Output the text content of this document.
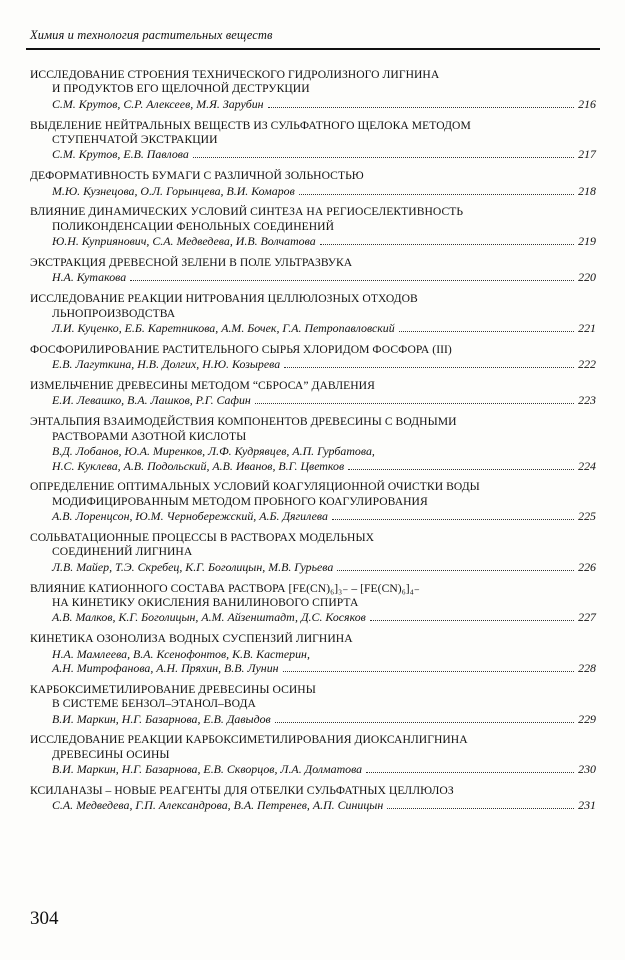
Химия и технология растительных веществ
ИССЛЕДОВАНИЕ СТРОЕНИЯ ТЕХНИЧЕСКОГО ГИДРОЛИЗНОГО ЛИГНИНА
И ПРОДУКТОВ ЕГО ЩЕЛОЧНОЙ ДЕСТРУКЦИИ
С.М. Крутов, С.Р. Алексеев, М.Я. Зарубин	216
ВЫДЕЛЕНИЕ НЕЙТРАЛЬНЫХ ВЕЩЕСТВ ИЗ СУЛЬФАТНОГО ЩЕЛОКА МЕТОДОМ
СТУПЕНЧАТОЙ ЭКСТРАКЦИИ
С.М. Крутов, Е.В. Павлова	217
ДЕФОРМАТИВНОСТЬ БУМАГИ С РАЗЛИЧНОЙ ЗОЛЬНОСТЬЮ
М.Ю. Кузнецова, О.Л. Горынцева, В.И. Комаров	218
ВЛИЯНИЕ ДИНАМИЧЕСКИХ УСЛОВИЙ СИНТЕЗА НА РЕГИОСЕЛЕКТИВНОСТЬ
ПОЛИКОНДЕНСАЦИИ ФЕНОЛЬНЫХ СОЕДИНЕНИЙ
Ю.Н. Куприянович, С.А. Медведева, И.В. Волчатова	219
ЭКСТРАКЦИЯ ДРЕВЕСНОЙ ЗЕЛЕНИ В ПОЛЕ УЛЬТРАЗВУКА
Н.А. Кутакова	220
ИССЛЕДОВАНИЕ РЕАКЦИИ НИТРОВАНИЯ ЦЕЛЛЮЛОЗНЫХ ОТХОДОВ
ЛЬНОПРОИЗВОДСТВА
Л.И. Куценко, Е.Б. Каретникова, А.М. Бочек, Г.А. Петропавловский	221
ФОСФОРИЛИРОВАНИЕ РАСТИТЕЛЬНОГО СЫРЬЯ ХЛОРИДОМ ФОСФОРА (III)
Е.В. Лагуткина, Н.В. Долгих, Н.Ю. Козырева	222
ИЗМЕЛЬЧЕНИЕ ДРЕВЕСИНЫ МЕТОДОМ “СБРОСА” ДАВЛЕНИЯ
Е.И. Левашко, В.А. Лашков, Р.Г. Сафин	223
ЭНТАЛЬПИЯ ВЗАИМОДЕЙСТВИЯ КОМПОНЕНТОВ ДРЕВЕСИНЫ С ВОДНЫМИ
РАСТВОРАМИ АЗОТНОЙ КИСЛОТЫ
В.Д. Лобанов, Ю.А. Миренков, Л.Ф. Кудрявцев, А.П. Гурбатова,
Н.С. Куклева, А.В. Подольский, А.В. Иванов, В.Г. Цветков	224
ОПРЕДЕЛЕНИЕ ОПТИМАЛЬНЫХ УСЛОВИЙ КОАГУЛЯЦИОННОЙ ОЧИСТКИ ВОДЫ
МОДИФИЦИРОВАННЫМ МЕТОДОМ ПРОБНОГО КОАГУЛИРОВАНИЯ
А.В. Лоренцсон, Ю.М. Чернобережский, А.Б. Дягилева	225
СОЛЬВАТАЦИОННЫЕ ПРОЦЕССЫ В РАСТВОРАХ МОДЕЛЬНЫХ
СОЕДИНЕНИЙ ЛИГНИНА
Л.В. Майер, Т.Э. Скребец, К.Г. Боголицын, М.В. Гурьева	226
ВЛИЯНИЕ КАТИОННОГО СОСТАВА РАСТВОРА [FE(CN)₆]₃₋ – [FE(CN)₆]₄₋
НА КИНЕТИКУ ОКИСЛЕНИЯ ВАНИЛИНОВОГО СПИРТА
А.В. Малков, К.Г. Боголицын, А.М. Айзенштадт, Д.С. Косяков	227
КИНЕТИКА ОЗОНОЛИЗА ВОДНЫХ СУСПЕНЗИЙ ЛИГНИНА
Н.А. Мамлеева, В.А. Ксенофонтов, К.В. Кастерин,
А.Н. Митрофанова, А.Н. Пряхин, В.В. Лунин	228
КАРБОКСИМЕТИЛИРОВАНИЕ ДРЕВЕСИНЫ ОСИНЫ
В СИСТЕМЕ БЕНЗОЛ–ЭТАНОЛ–ВОДА
В.И. Маркин, Н.Г. Базарнова, Е.В. Давыдов	229
ИССЛЕДОВАНИЕ РЕАКЦИИ КАРБОКСИМЕТИЛИРОВАНИЯ ДИОКСАНЛИГНИНА
ДРЕВЕСИНЫ ОСИНЫ
В.И. Маркин, Н.Г. Базарнова, Е.В. Скворцов, Л.А. Долматова	230
КСИЛАНАЗЫ – НОВЫЕ РЕАГЕНТЫ ДЛЯ ОТБЕЛКИ СУЛЬФАТНЫХ ЦЕЛЛЮЛОЗ
С.А. Медведева, Г.П. Александрова, В.А. Петренев, А.П. Синицын	231
304
